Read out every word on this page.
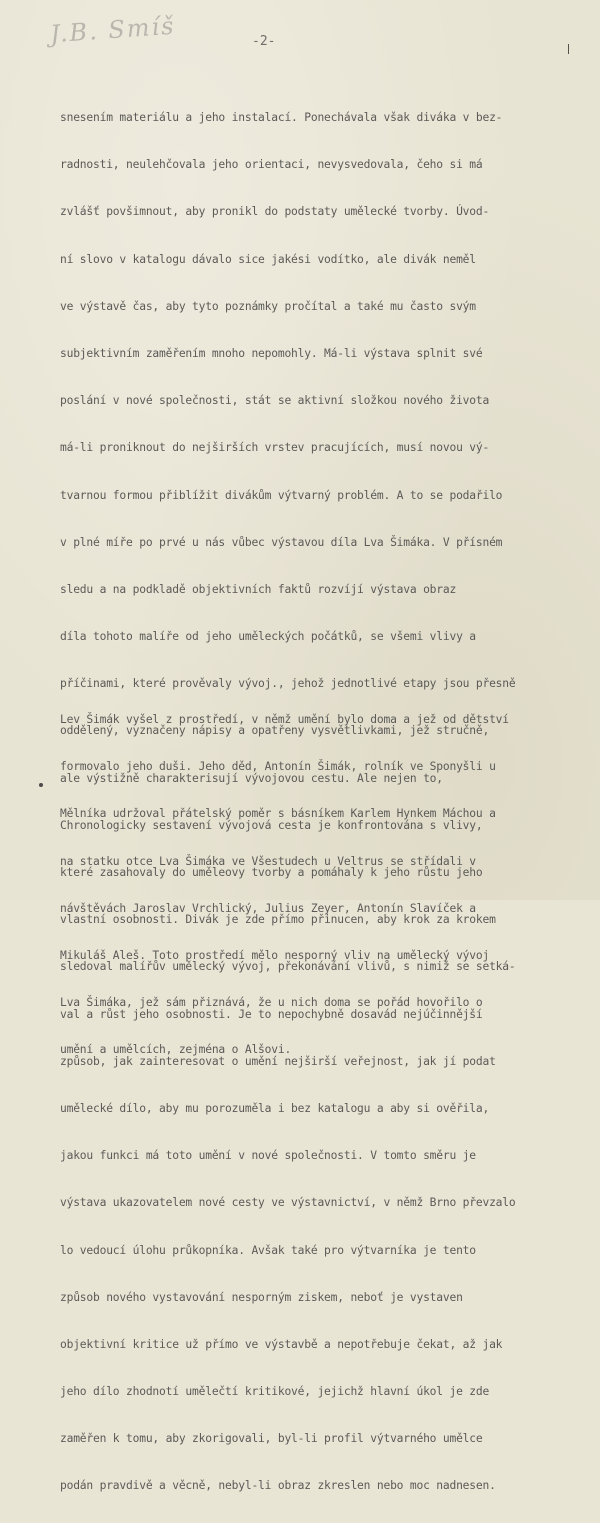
J.B. Smíš	-2-

snesením materiálu a jeho instalací. Ponechávala však diváka v bez-

radnosti, neulehčovala jeho orientaci, nevysvedovala, čeho si má

zvlášť povšimnout, aby pronikl do podstaty umělecké tvorby. Úvod-

ní slovo v katalogu dávalo sice jakési vodítko, ale divák neměl

ve výstavě čas, aby tyto poznámky pročítal a také mu často svým

subjektivním zaměřením mnoho nepomohly. Má-li výstava splnit své

poslání v nové společnosti, stát se aktivní složkou nového života

má-li proniknout do nejširších vrstev pracujících, musí novou vý-

tvarnou formou přiblížit divákům výtvarný problém. A to se podařilo

v plné míře po prvé u nás vůbec výstavou díla Lva Šimáka. V přísném

sledu a na podkladě objektivních faktů rozvíjí výstava obraz

díla tohoto malíře od jeho uměleckých počátků, se všemi vlivy a

příčinami, které prověvaly vývoj., jehož jednotlivé etapy jsou přesně

oddělený, vyznačeny nápisy a opatřeny vysvětlivkami, jež stručně,

ale výstižně charakterisují vývojovou cestu. Ale nejen to,

Chronologicky sestavení vývojová cesta je konfrontována s vlivy,

které zasahovaly do uměleovy tvorby a pomáhaly k jeho růstu jeho

vlastní osobnosti. Divák je zde přímo přinucen, aby krok za krokem

sledoval malířův umělecký vývoj, překonávání vlivů, s nimiž se setká-

val a růst jeho osobnosti. Je to nepochybně dosavád nejúčinnější

způsob, jak zainteresovat o umění nejširší veřejnost, jak jí podat

umělecké dílo, aby mu porozuměla i bez katalogu a aby si ověřila,

jakou funkci má toto umění v nové společnosti. V tomto směru je

výstava ukazovatelem nové cesty ve výstavnictví, v němž Brno převzalo

lo vedoucí úlohu průkopníka. Avšak také pro výtvarníka je tento

způsob nového vystavování nesporným ziskem, neboť je vystaven

objektivní kritice už přímo ve výstavbě a nepotřebuje čekat, až jak

jeho dílo zhodnotí umělečtí kritikové, jejichž hlavní úkol je zde

zaměřen k tomu, aby zkorigovali, byl-li profil výtvarného umělce

podán pravdivě a věcně, nebyl-li obraz zkreslen nebo moc nadnesen.

Lev Šimák vyšel z prostředí, v němž umění bylo doma a jež od dětství

formovalo jeho duši. Jeho děd, Antonín Šimák, rolník ve Sponyšli u

Mělníka udržoval přátelský poměr s básníkem Karlem Hynkem Máchou a

na statku otce Lva Šimáka ve Všestudech u Veltrus se střídali v

návštěvách Jaroslav Vrchlický, Julius Zeyer, Antonín Slavíček a

Mikuláš Aleš. Toto prostředí mělo nesporný vliv na umělecký vývoj

Lva Šimáka, jež sám přiznává, že u nich doma se pořád hovořilo o

umění a umělcích, zejména o Alšovi.
